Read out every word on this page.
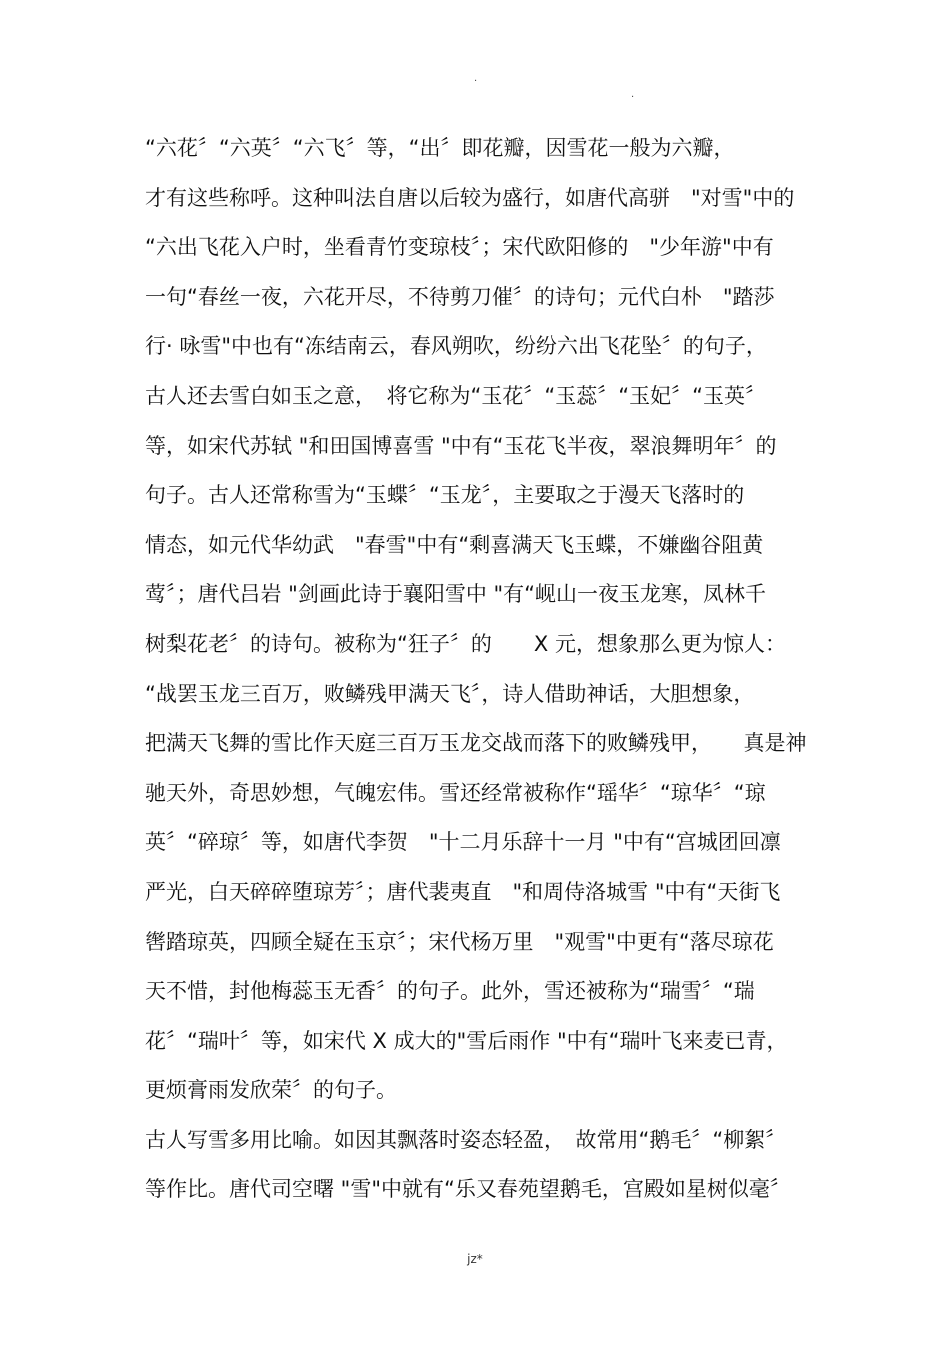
.
.
“六花〞“六英〞“六飞〞等，“出〞即花瓣，因雪花一般为六瓣，
才有这些称呼。这种叫法自唐以后较为盛行，如唐代高骈　"对雪"中的
“六出飞花入户时，坐看青竹变琼枝〞；宋代欧阳修的　"少年游"中有
一句“春丝一夜，六花开尽，不待剪刀催〞的诗句；元代白朴　"踏莎
行· 咏雪"中也有“冻结南云，春风朔吹，纷纷六出飞花坠〞的句子，
古人还去雪白如玉之意，　将它称为“玉花〞“玉蕊〞“玉妃〞“玉英〞
等，如宋代苏轼 "和田国博喜雪 "中有“玉花飞半夜，翠浪舞明年〞的
句子。古人还常称雪为“玉蝶〞“玉龙〞，主要取之于漫天飞落时的
情态，如元代华幼武　"春雪"中有“剩喜满天飞玉蝶，不嫌幽谷阻黄
莺〞；唐代吕岩 "剑画此诗于襄阳雪中 "有“岘山一夜玉龙寒，凤林千
树梨花老〞的诗句。被称为“狂子〞的　　X 元，想象那么更为惊人：
“战罢玉龙三百万，败鳞残甲满天飞〞，诗人借助神话，大胆想象，
把满天飞舞的雪比作天庭三百万玉龙交战而落下的败鳞残甲，　　真是神
驰天外，奇思妙想，气魄宏伟。雪还经常被称作“瑶华〞“琼华〞“琼
英〞“碎琼〞等，如唐代李贺　"十二月乐辞十一月 "中有“宫城团回凛
严光，白天碎碎堕琼芳〞；唐代裴夷直　"和周侍洛城雪 "中有“天街飞
辔踏琼英，四顾全疑在玉京〞；宋代杨万里　"观雪"中更有“落尽琼花
天不惜，封他梅蕊玉无香〞的句子。此外，雪还被称为“瑞雪〞“瑞
花〞“瑞叶〞等，如宋代 X 成大的"雪后雨作 "中有“瑞叶飞来麦已青，
更烦膏雨发欣荣〞的句子。
古人写雪多用比喻。如因其飘落时姿态轻盈，　故常用“鹅毛〞“柳絮〞
等作比。唐代司空曙 "雪"中就有“乐又春苑望鹅毛，宫殿如星树似毫〞
jz*
